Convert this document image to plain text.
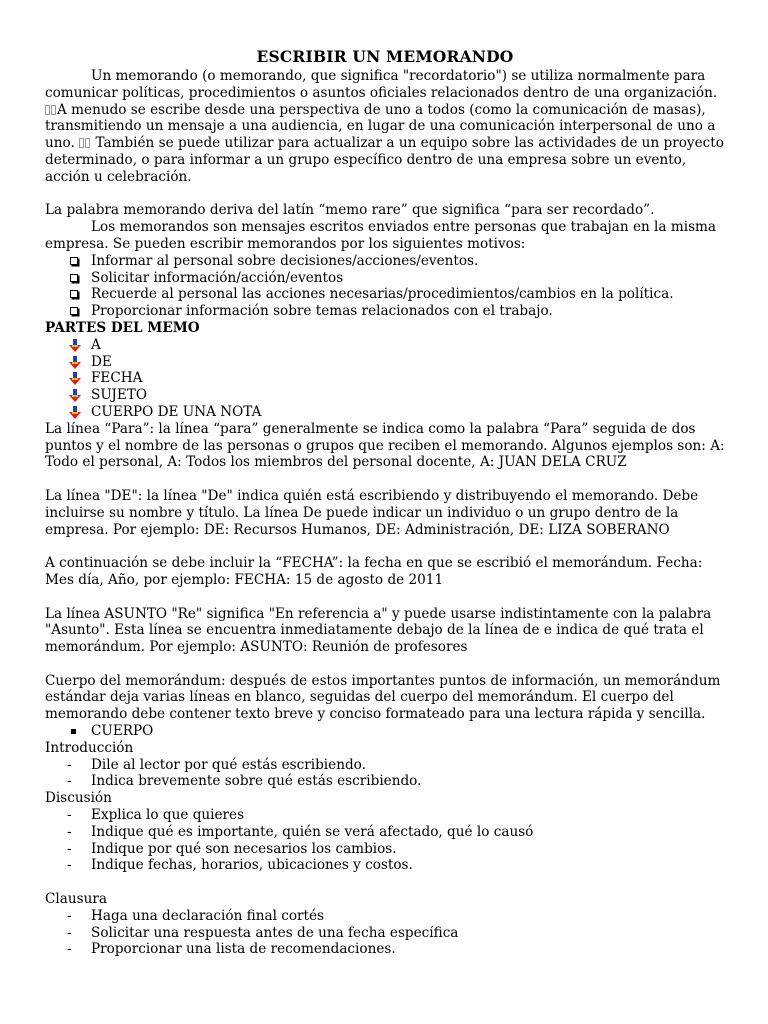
ESCRIBIR UN MEMORANDO

Un memorando (o memorando, que significa "recordatorio") se utiliza normalmente para comunicar políticas, procedimientos o asuntos oficiales relacionados dentro de una organización.
A menudo se escribe desde una perspectiva de uno a todos (como la comunicación de masas), transmitiendo un mensaje a una audiencia, en lugar de una comunicación interpersonal de uno a uno. También se puede utilizar para actualizar a un equipo sobre las actividades de un proyecto determinado, o para informar a un grupo específico dentro de una empresa sobre un evento, acción u celebración.

La palabra memorando deriva del latín “memo rare” que significa “para ser recordado”.

Los memorandos son mensajes escritos enviados entre personas que trabajan en la misma empresa. Se pueden escribir memorandos por los siguientes motivos:

Informar al personal sobre decisiones/acciones/eventos.
Solicitar información/acción/eventos
Recuerde al personal las acciones necesarias/procedimientos/cambios en la política.
Proporcionar información sobre temas relacionados con el trabajo.

PARTES DEL MEMO

A
DE
FECHA
SUJETO
CUERPO DE UNA NOTA

La línea “Para”: la línea “para” generalmente se indica como la palabra “Para” seguida de dos puntos y el nombre de las personas o grupos que reciben el memorando. Algunos ejemplos son: A: Todo el personal, A: Todos los miembros del personal docente, A: JUAN DELA CRUZ

La línea "DE": la línea "De" indica quién está escribiendo y distribuyendo el memorando. Debe incluirse su nombre y título. La línea De puede indicar un individuo o un grupo dentro de la empresa. Por ejemplo: DE: Recursos Humanos, DE: Administración, DE: LIZA SOBERANO

A continuación se debe incluir la “FECHA”: la fecha en que se escribió el memorándum. Fecha: Mes día, Año, por ejemplo: FECHA: 15 de agosto de 2011

La línea ASUNTO "Re" significa "En referencia a" y puede usarse indistintamente con la palabra "Asunto". Esta línea se encuentra inmediatamente debajo de la línea de e indica de qué trata el memorándum. Por ejemplo: ASUNTO: Reunión de profesores

Cuerpo del memorándum: después de estos importantes puntos de información, un memorándum estándar deja varias líneas en blanco, seguidas del cuerpo del memorándum. El cuerpo del memorando debe contener texto breve y conciso formateado para una lectura rápida y sencilla.

CUERPO

Introducción

- Dile al lector por qué estás escribiendo.
- Indica brevemente sobre qué estás escribiendo.

Discusión

- Explica lo que quieres
- Indique qué es importante, quién se verá afectado, qué lo causó
- Indique por qué son necesarios los cambios.
- Indique fechas, horarios, ubicaciones y costos.

Clausura

- Haga una declaración final cortés
- Solicitar una respuesta antes de una fecha específica
- Proporcionar una lista de recomendaciones.
